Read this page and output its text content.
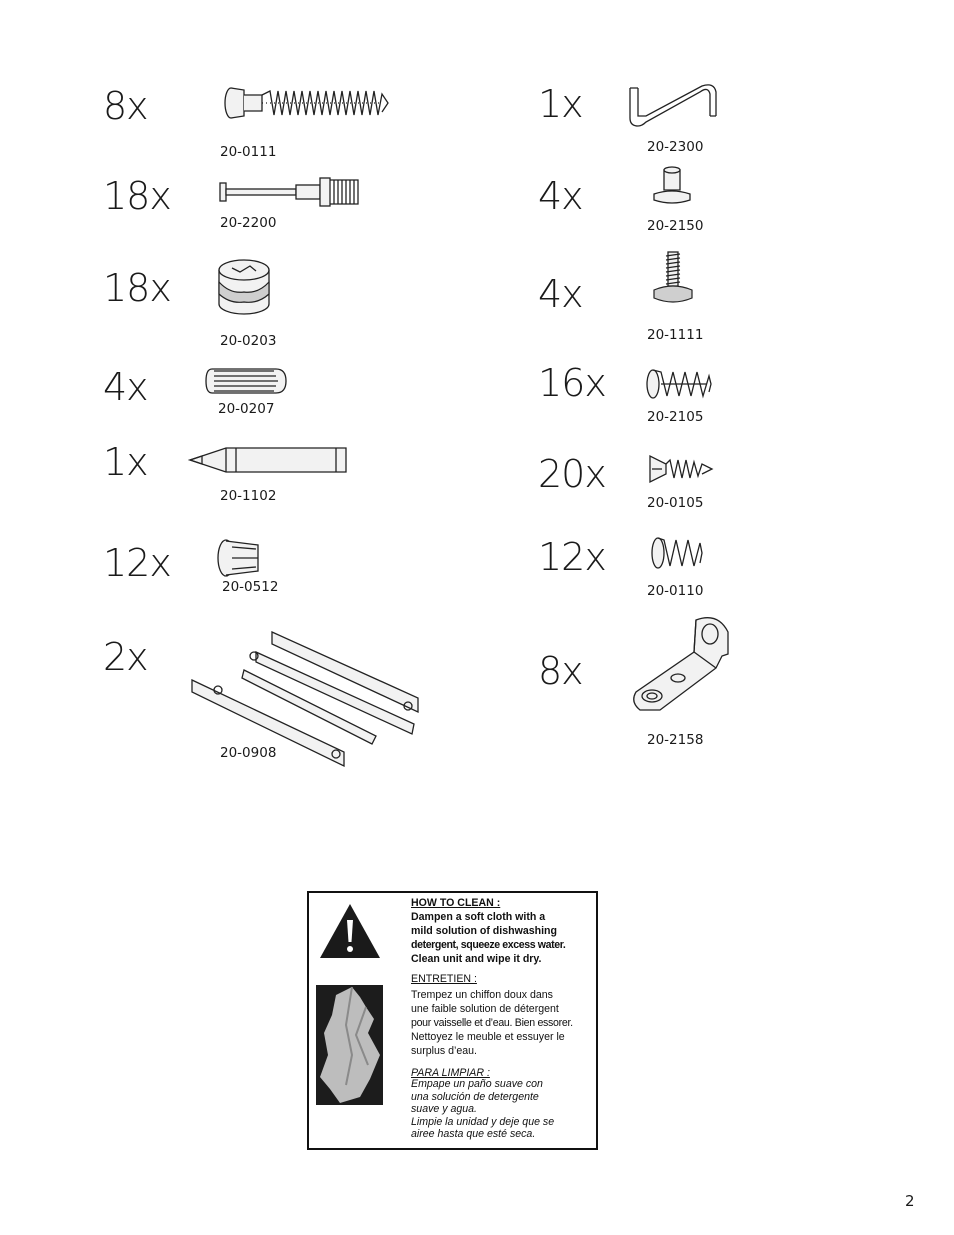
8x
20-0111
18x
20-2200
18x
20-0203
4x	20-0207
1x
20-1102
12x
20-0512
2x
20-0908
1x
20-2300
4x
20-2150
4x
20-1111
16x
20-2105
20x
20-0105
12x
20-0110
8x
20-2158
HOW TO CLEAN :
Dampen a soft cloth with a
mild solution of dishwashing
detergent, squeeze excess water.
Clean unit and wipe it dry.
ENTRETIEN :
Trempez un chiffon doux dans
une faible solution de détergent
pour vaisselle et d’eau. Bien essorer.
Nettoyez le meuble et essuyer le
surplus d’eau.
PARA LIMPIAR :
Empape un paño suave con
una solución de detergente
suave y agua.
Limpie la unidad y deje que se
airee hasta que esté seca.
2
